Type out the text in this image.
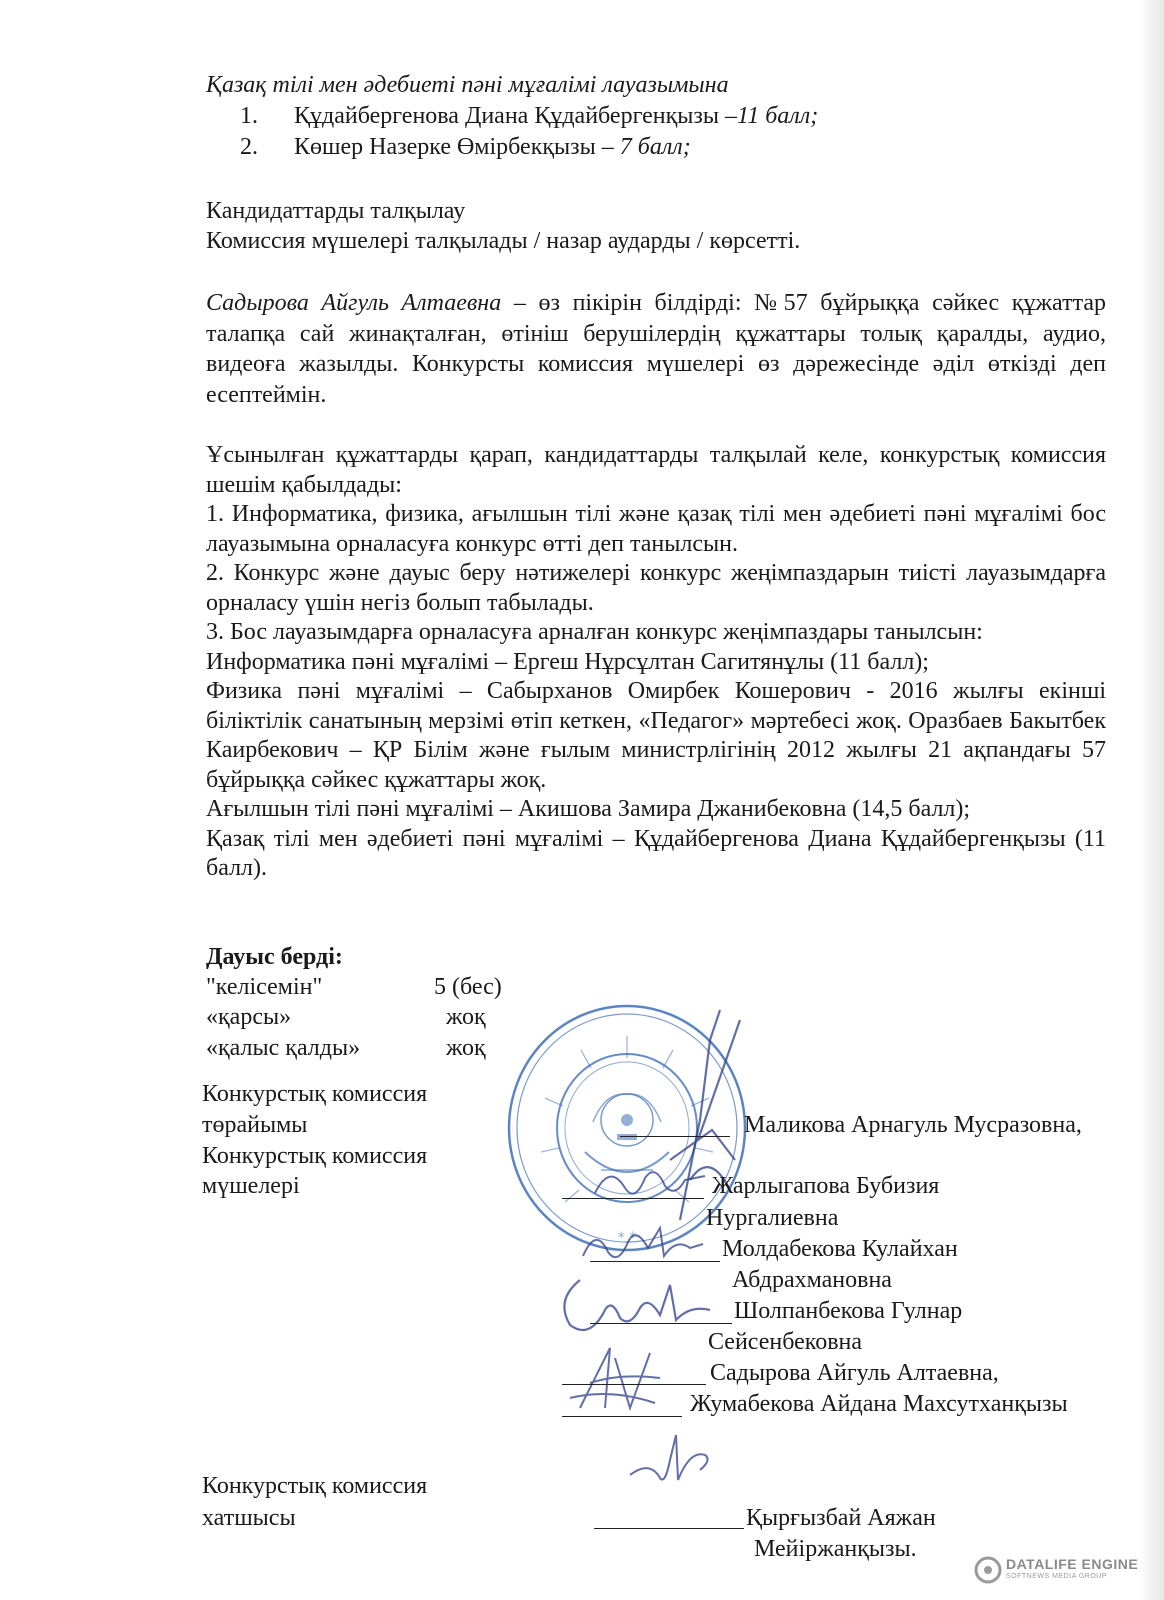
Қазақ тілі мен әдебиеті пәні мұғалімі лауазымына
1. Құдайбергенова Диана Құдайбергенқызы –11 балл;
2. Көшер Назерке Өмірбекқызы – 7 балл;
Кандидаттарды талқылау
Комиссия мүшелері талқылады / назар аударды / көрсетті.
Садырова Айгуль Алтаевна – өз пікірін білдірді: №57 бұйрыққа сәйкес құжаттар талапқа сай жинақталған, өтініш берушілердің құжаттары толық қаралды, аудио, видеоға жазылды. Конкурсты комиссия мүшелері өз дәрежесінде әділ өткізді деп есептеймін.
Ұсынылған құжаттарды қарап, кандидаттарды талқылай келе, конкурстық комиссия шешім қабылдады:
1. Информатика, физика, ағылшын тілі және қазақ тілі мен әдебиеті пәні мұғалімі бос лауазымына орналасуға конкурс өтті деп танылсын.
2. Конкурс және дауыс беру нәтижелері конкурс жеңімпаздарын тиісті лауазымдарға орналасу үшін негіз болып табылады.
3. Бос лауазымдарға орналасуға арналған конкурс жеңімпаздары танылсын:
Информатика пәні мұғалімі – Ергеш Нұрсұлтан Сагитянұлы (11 балл);
Физика пәні мұғалімі – Сабырханов Омирбек Кошерович - 2016 жылғы екінші біліктілік санатының мерзімі өтіп кеткен, «Педагог» мәртебесі жоқ. Оразбаев Бакытбек Каирбекович – ҚР Білім және ғылым министрлігінің 2012 жылғы 21 ақпандағы 57 бұйрыққа сәйкес құжаттары жоқ.
Ағылшын тілі пәні мұғалімі – Акишова Замира Джанибековна (14,5 балл);
Қазақ тілі мен әдебиеті пәні мұғалімі – Құдайбергенова Диана Құдайбергенқызы (11 балл).
Дауыс берді:
"келісемін"	5 (бес)
«қарсы»	жоқ
«қалыс қалды»	жоқ
* *
Конкурстық комиссия
төрайымы	Маликова Арнагуль Мусразовна,
Конкурстық комиссия
мүшелері	Жарлыгапова Бубизия
Нургалиевна
Молдабекова Кулайхан
Абдрахмановна
Шолпанбекова Гулнар
Сейсенбековна
Садырова Айгуль Алтаевна,
Жумабекова Айдана Махсутханқызы
Конкурстық комиссия
хатшысы	Қырғызбай Аяжан
Мейіржанқызы.
DATALIFE ENGINE
SOFTNEWS MEDIA GROUP
